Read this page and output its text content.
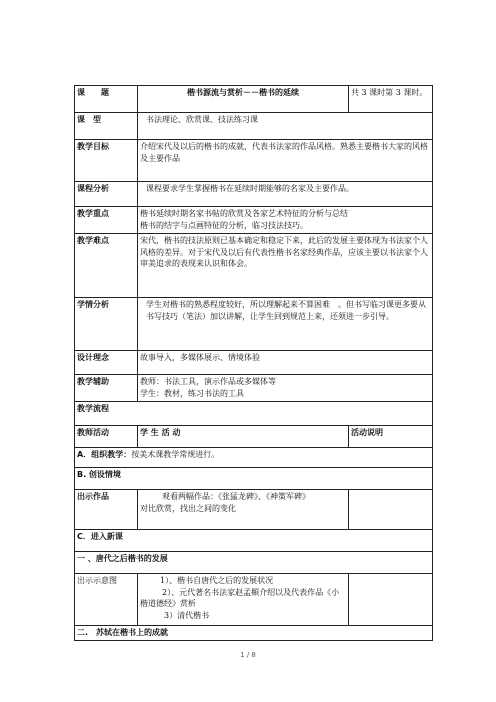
课　　题	楷书源流与赏析－－楷书的延续	共 3 课时第 3 课时。
课　型	书法理论、欣赏课、技法练习课	
教学目标	介绍宋代及以后的楷书的成就，代表书法家的作品风格。熟悉主要楷书大家的风格及主要作品	
课程分析	课程要求学生掌握楷书在延续时期能够的名家及主要作品。	
教学重点	楷书延续时期名家书帖的欣赏及各家艺术特征的分析与总结
楷书的结字与点画特征的分析，临习技法技巧。	

教学难点	宋代，楷书的技法原则已基本确定和稳定下来，此后的发展主要体现为书法家个人风格的差异。对于宋代及以后有代表性楷书名家经典作品，应该主要以书法家个人审美追求的表现来认识和体会。	
学情分析	学生对楷书的熟悉程度较好，所以理解起来不算困难　。但书写临习课更多要从书写技巧（笔法）加以讲解，让学生回到规范上来，还须进一步引导。	
设计理念	故事导入，多媒体展示、情境体验	
教学辅助	教师：书法工具，演示作品或多媒体等
学生：教材，练习书法的工具	

教学流程		
教师活动	学 生 活 动	活动说明
A．组织教学：按美术课教学常规进行。		
B. 创设情境		
出示作品	观看两幅作品：《张猛龙碑》、《神策军碑》
对比欣赏，找出之间的变化	

C．进入新课		
一 、唐代之后楷书的发展		
出示示意图	1）、楷书自唐代之后的发展状况
2）、元代著名书法家赵孟頫介绍以及代表作品《小楷道德经》赏析
3）清代楷书	

二.　苏轼在楷书上的成就		
1 / 8
